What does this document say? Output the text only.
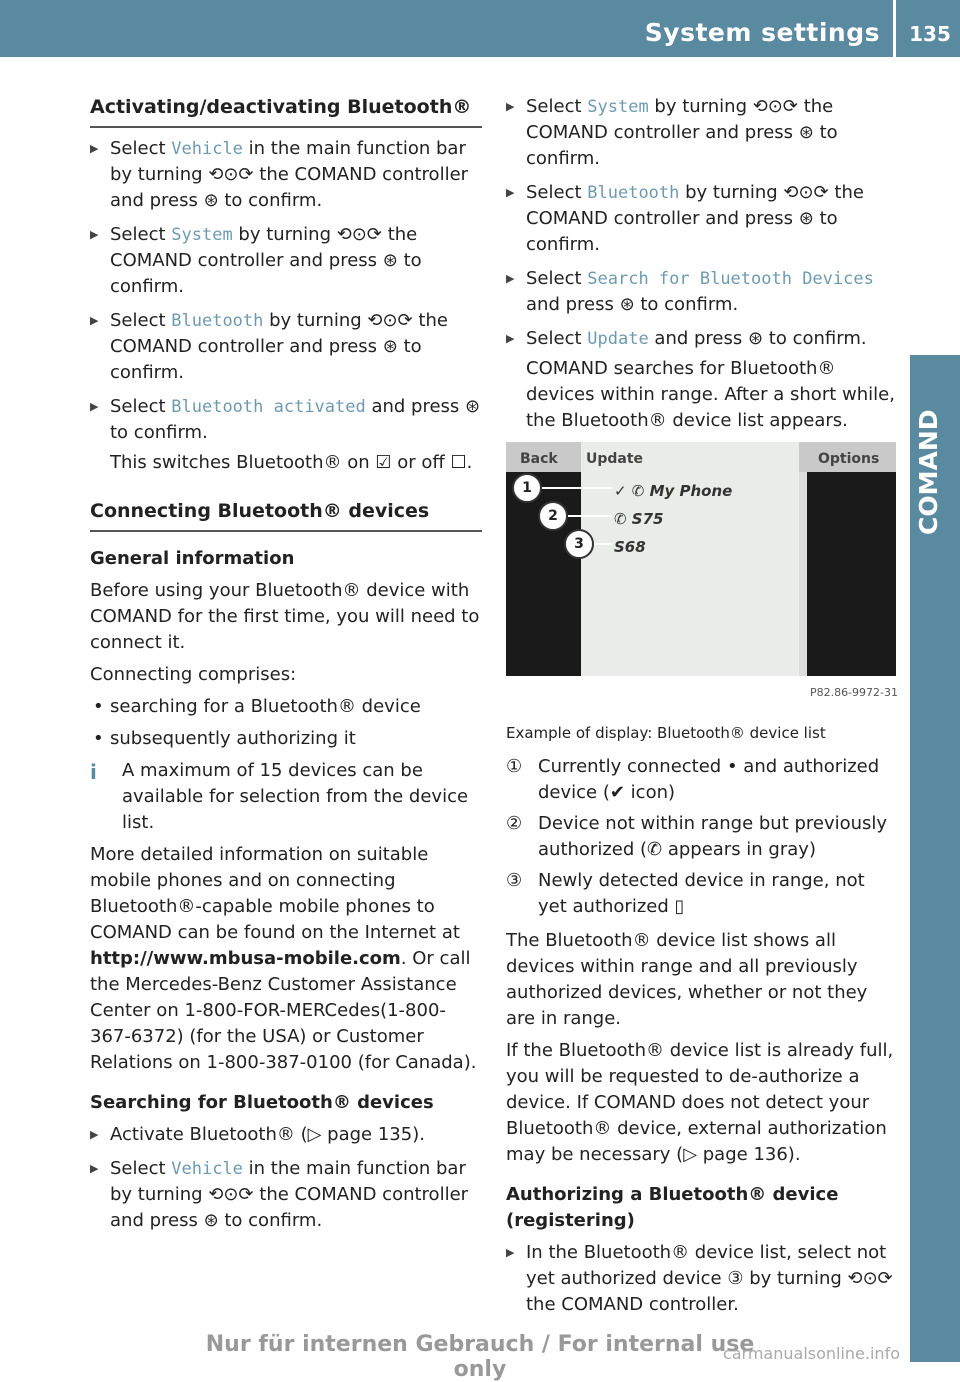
System settings 135
COMAND
Activating/deactivating Bluetooth®
▶ Select Vehicle in the main function bar by turning ⟲⊙⟳ the COMAND controller and press ⊛ to confirm.
▶ Select System by turning ⟲⊙⟳ the COMAND controller and press ⊛ to confirm.
▶ Select Bluetooth by turning ⟲⊙⟳ the COMAND controller and press ⊛ to confirm.
▶ Select Bluetooth activated and press ⊛ to confirm.
This switches Bluetooth® on ☑ or off ☐.
Connecting Bluetooth® devices
General information

Before using your Bluetooth® device with COMAND for the first time, you will need to connect it.

Connecting comprises:

• searching for a Bluetooth® device
• subsequently authorizing it

i A maximum of 15 devices can be available for selection from the device list.

More detailed information on suitable mobile phones and on connecting Bluetooth®-capable mobile phones to COMAND can be found on the Internet at http://www.mbusa-mobile.com. Or call the Mercedes-Benz Customer Assistance Center on 1-800-FOR-MERCedes(1-800-367-6372) (for the USA) or Customer Relations on 1-800-387-0100 (for Canada).

Searching for Bluetooth® devices
▶ Activate Bluetooth® (▷ page 135).
▶ Select Vehicle in the main function bar by turning ⟲⊙⟳ the COMAND controller and press ⊛ to confirm.
▶ Select System by turning ⟲⊙⟳ the COMAND controller and press ⊛ to confirm.
▶ Select Bluetooth by turning ⟲⊙⟳ the COMAND controller and press ⊛ to confirm.
▶ Select Search for Bluetooth Devices and press ⊛ to confirm.
▶ Select Update and press ⊛ to confirm.
COMAND searches for Bluetooth® devices within range. After a short while, the Bluetooth® device list appears.
Back Update	Options
✓ ✆ My Phone
✆ S75
S68
1
2
3
P82.86-9972-31
Example of display: Bluetooth® device list
① Currently connected • and authorized device (✔ icon)
② Device not within range but previously authorized (✆ appears in gray)
③ Newly detected device in range, not yet authorized ▯

The Bluetooth® device list shows all devices within range and all previously authorized devices, whether or not they are in range.

If the Bluetooth® device list is already full, you will be requested to de-authorize a device. If COMAND does not detect your Bluetooth® device, external authorization may be necessary (▷ page 136).

Authorizing a Bluetooth® device (registering)
▶ In the Bluetooth® device list, select not yet authorized device ③ by turning ⟲⊙⟳ the COMAND controller.
Nur für internen Gebrauch / For internal use only
carmanualsonline.info
